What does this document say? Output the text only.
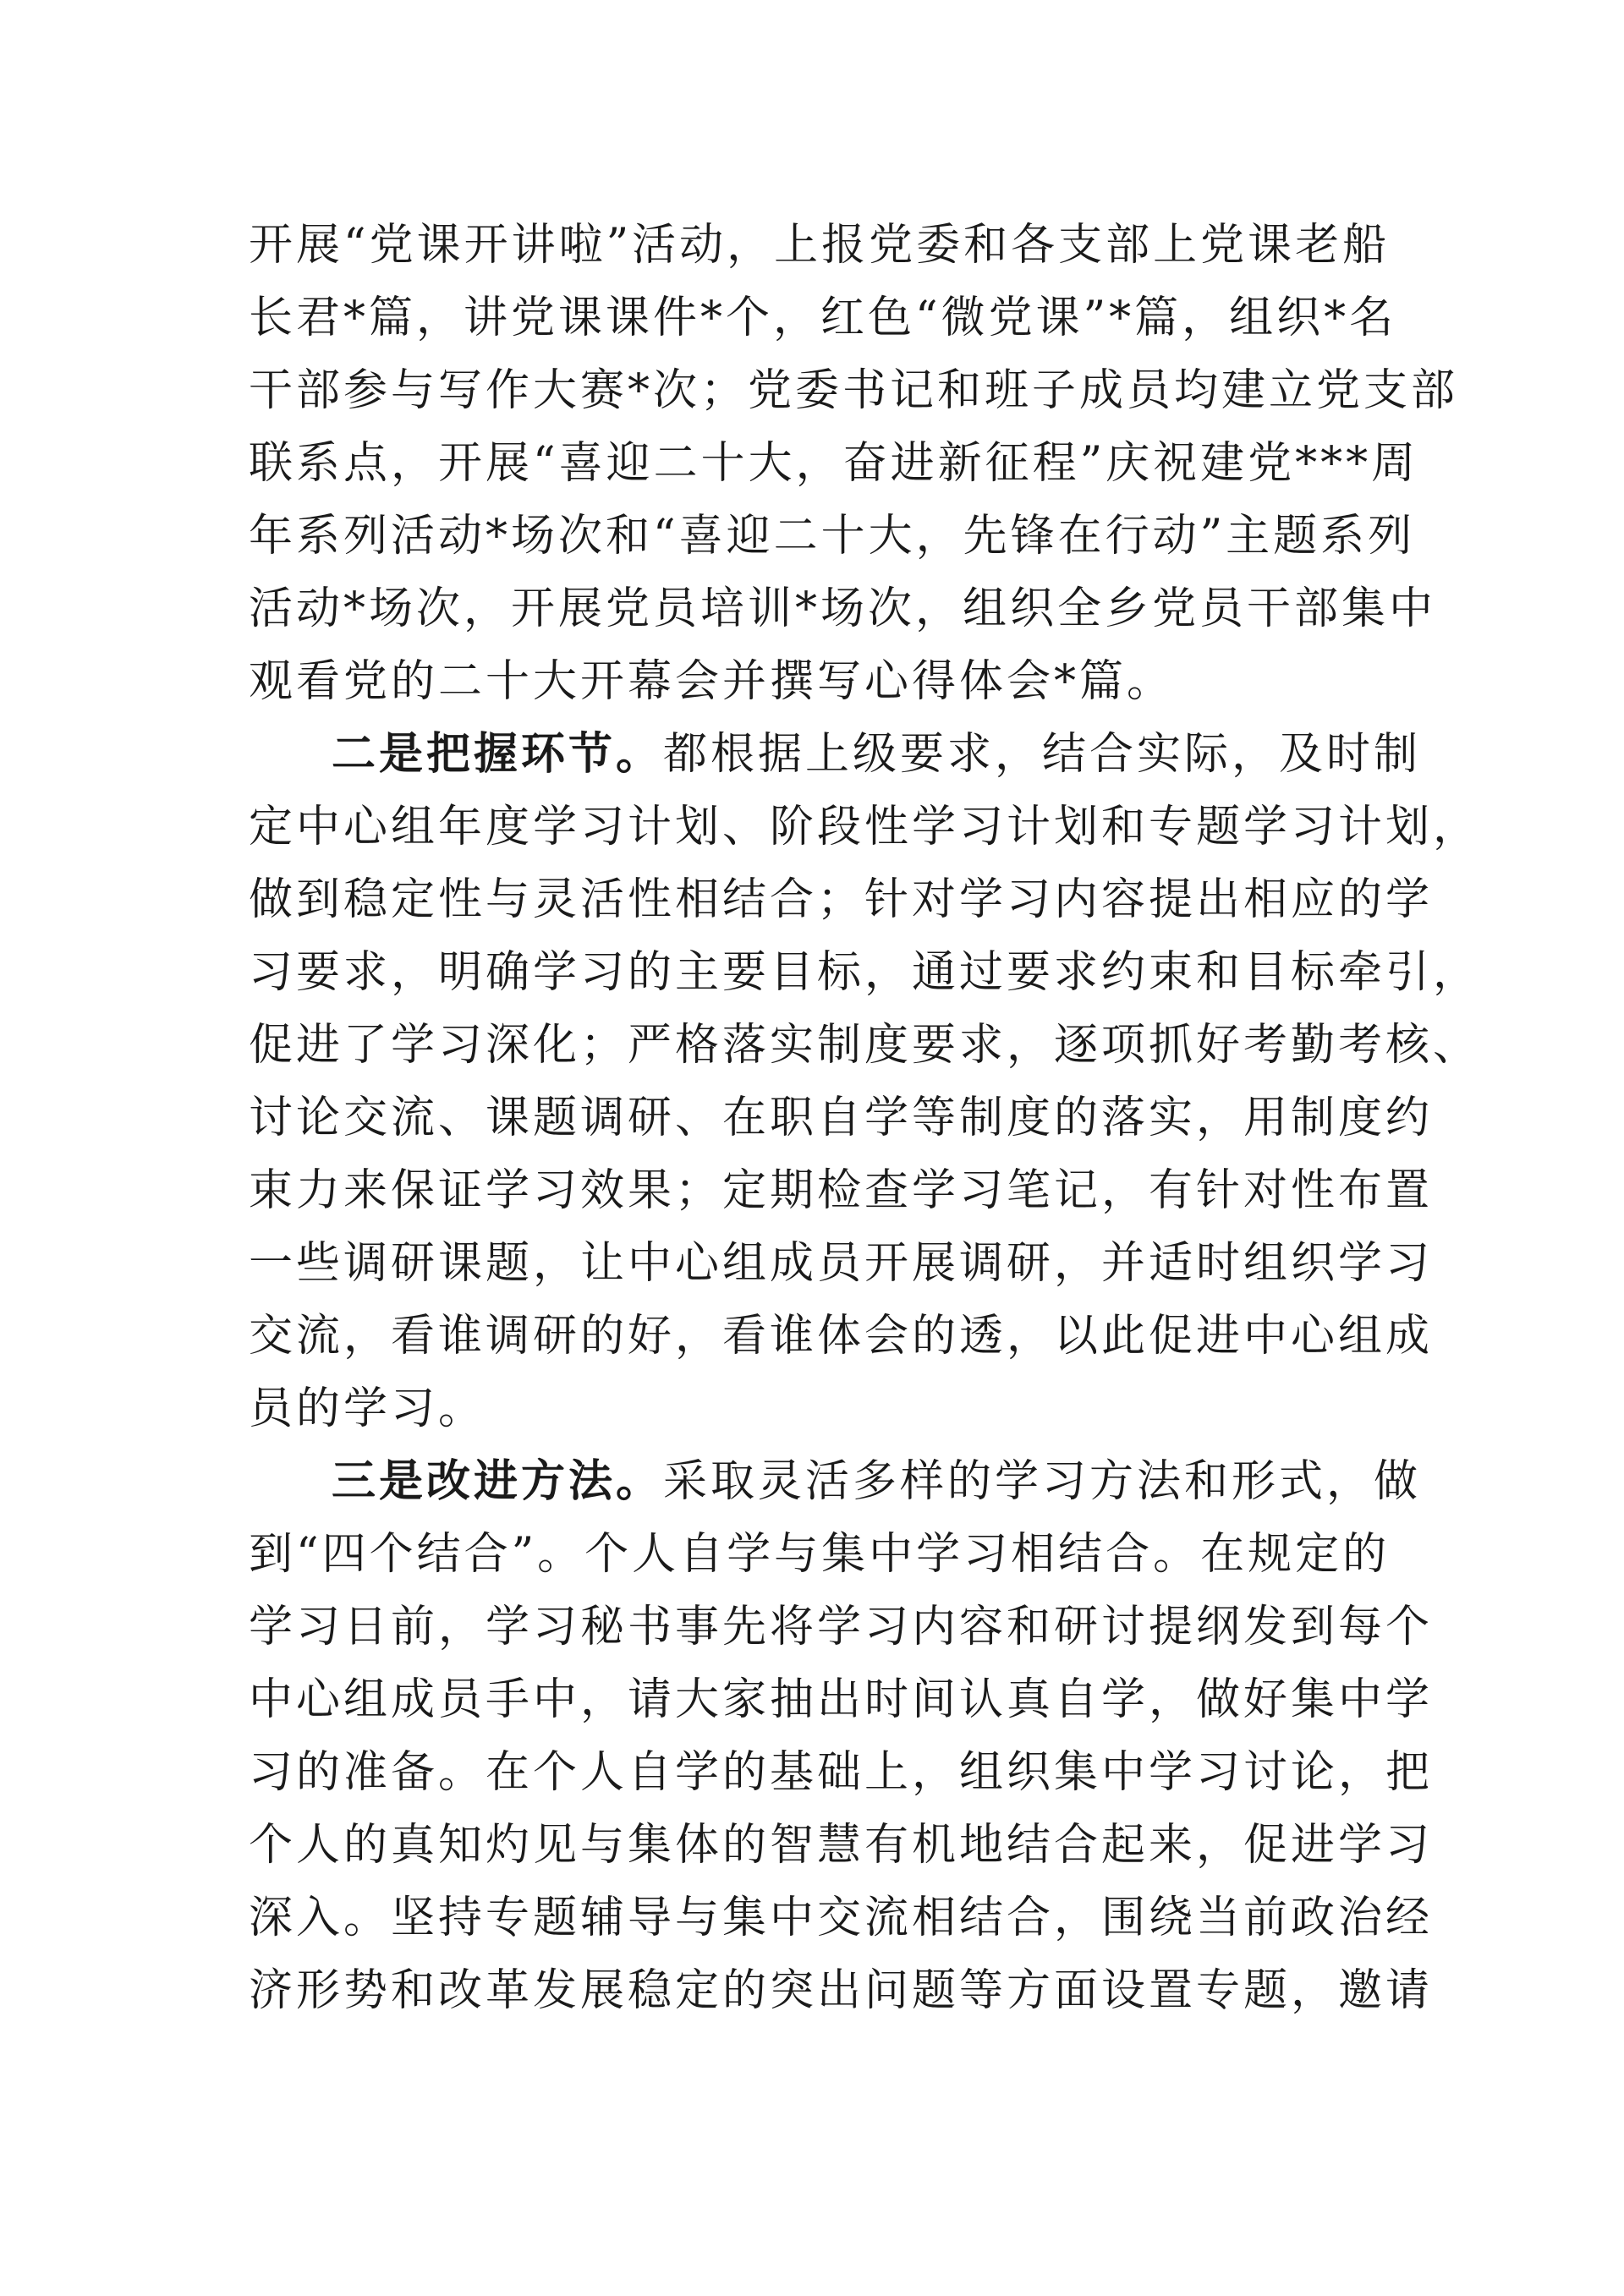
开展“党课开讲啦”活动，上报党委和各支部上党课老船
长君*篇，讲党课课件*个，红色“微党课”*篇，组织*名
干部参与写作大赛*次；党委书记和班子成员均建立党支部
联系点，开展“喜迎二十大，奋进新征程”庆祝建党***周
年系列活动*场次和“喜迎二十大，先锋在行动”主题系列
活动*场次，开展党员培训*场次，组织全乡党员干部集中
观看党的二十大开幕会并撰写心得体会*篇。
二是把握环节。都根据上级要求，结合实际，及时制
定中心组年度学习计划、阶段性学习计划和专题学习计划，
做到稳定性与灵活性相结合；针对学习内容提出相应的学
习要求，明确学习的主要目标，通过要求约束和目标牵引，
促进了学习深化；严格落实制度要求，逐项抓好考勤考核、
讨论交流、课题调研、在职自学等制度的落实，用制度约
束力来保证学习效果；定期检查学习笔记，有针对性布置
一些调研课题，让中心组成员开展调研，并适时组织学习
交流，看谁调研的好，看谁体会的透，以此促进中心组成
员的学习。
三是改进方法。采取灵活多样的学习方法和形式，做
到“四个结合”。个人自学与集中学习相结合。在规定的
学习日前，学习秘书事先将学习内容和研讨提纲发到每个
中心组成员手中，请大家抽出时间认真自学，做好集中学
习的准备。在个人自学的基础上，组织集中学习讨论，把
个人的真知灼见与集体的智慧有机地结合起来，促进学习
深入。坚持专题辅导与集中交流相结合，围绕当前政治经
济形势和改革发展稳定的突出问题等方面设置专题，邀请
